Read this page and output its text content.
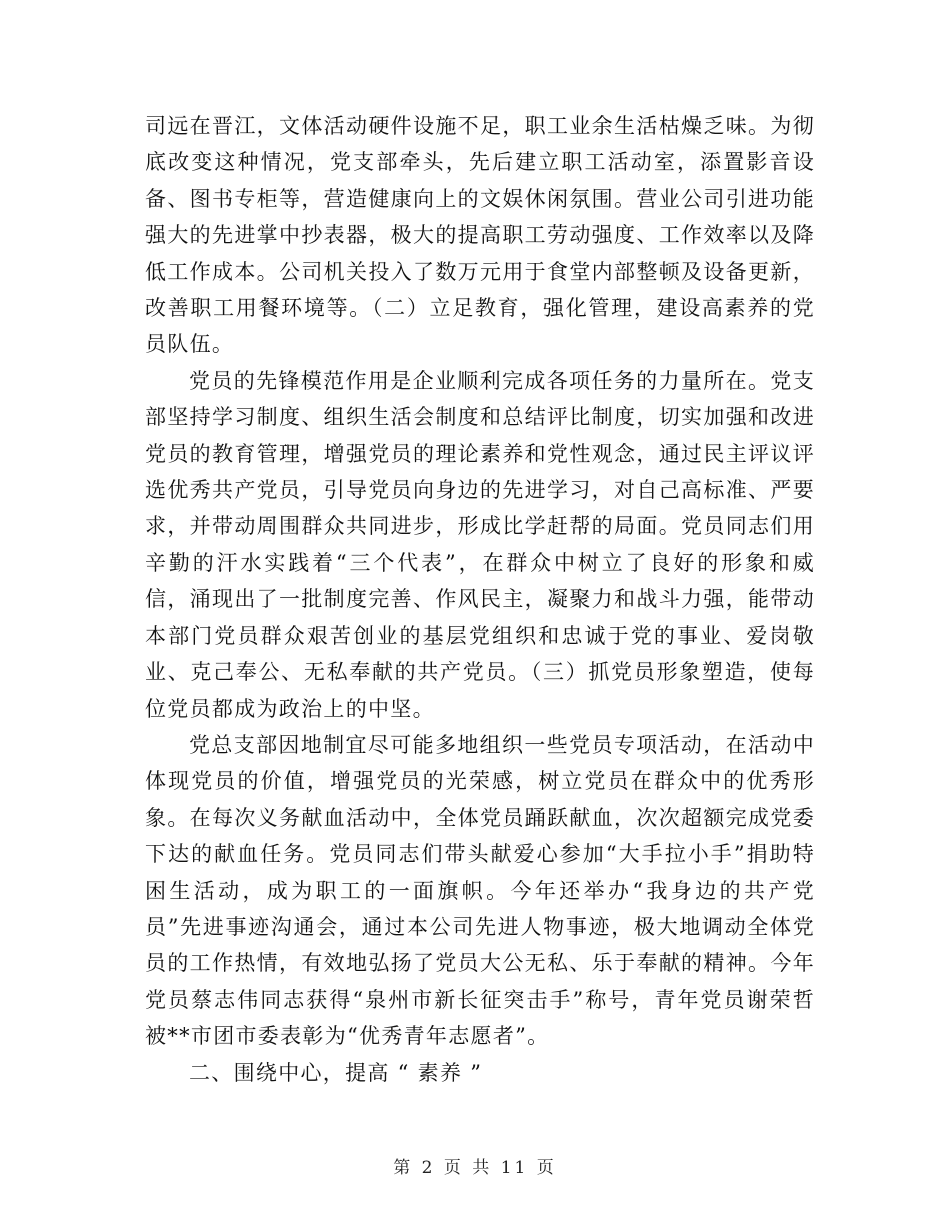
司远在晋江，文体活动硬件设施不足，职工业余生活枯燥乏味。为彻底改变这种情况，党支部牵头，先后建立职工活动室，添置影音设备、图书专柜等，营造健康向上的文娱休闲氛围。营业公司引进功能强大的先进掌中抄表器，极大的提高职工劳动强度、工作效率以及降低工作成本。公司机关投入了数万元用于食堂内部整顿及设备更新，改善职工用餐环境等。（二）立足教育，强化管理，建设高素养的党员队伍。

党员的先锋模范作用是企业顺利完成各项任务的力量所在。党支部坚持学习制度、组织生活会制度和总结评比制度，切实加强和改进党员的教育管理，增强党员的理论素养和党性观念，通过民主评议评选优秀共产党员，引导党员向身边的先进学习，对自己高标准、严要求，并带动周围群众共同进步，形成比学赶帮的局面。党员同志们用辛勤的汗水实践着“三个代表”，在群众中树立了良好的形象和威信，涌现出了一批制度完善、作风民主，凝聚力和战斗力强，能带动本部门党员群众艰苦创业的基层党组织和忠诚于党的事业、爱岗敬业、克己奉公、无私奉献的共产党员。（三）抓党员形象塑造，使每位党员都成为政治上的中坚。

党总支部因地制宜尽可能多地组织一些党员专项活动，在活动中体现党员的价值，增强党员的光荣感，树立党员在群众中的优秀形象。在每次义务献血活动中，全体党员踊跃献血，次次超额完成党委下达的献血任务。党员同志们带头献爱心参加“大手拉小手”捐助特困生活动，成为职工的一面旗帜。今年还举办“我身边的共产党员”先进事迹沟通会，通过本公司先进人物事迹，极大地调动全体党员的工作热情，有效地弘扬了党员大公无私、乐于奉献的精神。今年党员蔡志伟同志获得“泉州市新长征突击手”称号，青年党员谢荣哲被**市团市委表彰为“优秀青年志愿者”。

二、围绕中心，提高 “ 素养 ”

第 2 页 共 11 页
